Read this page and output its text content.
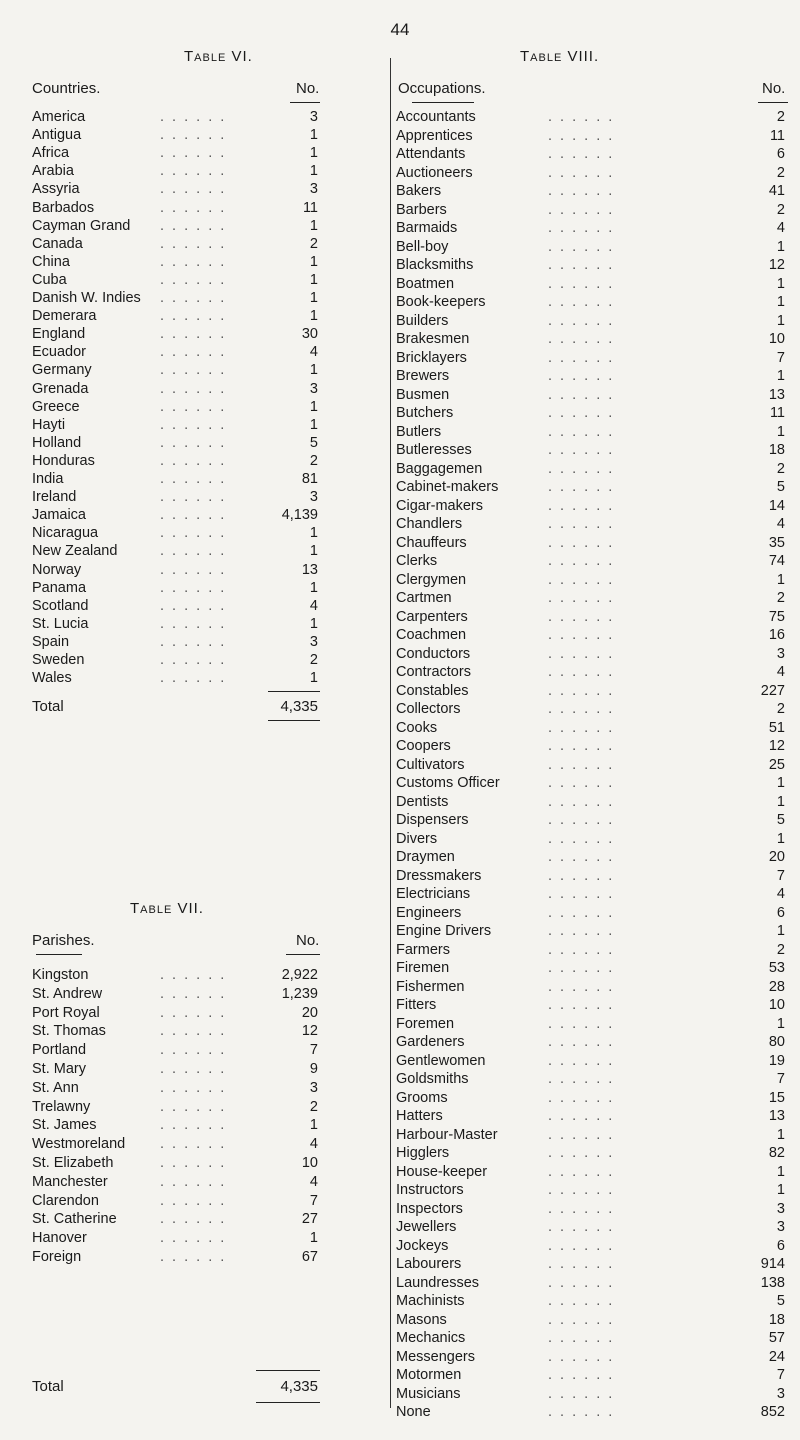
44
Table VI.
Countries.	No.
America	. . . . . .	3
Antigua	. . . . . .	1
Africa	. . . . . .	1
Arabia	. . . . . .	1
Assyria	. . . . . .	3
Barbados	. . . . . .	11
Cayman Grand . . . . . .	1
Canada	. . . . . .	2
China	. . . . . .	1
Cuba	. . . . . .	1
Danish W. Indies . . . . . .	1
Demerara	. . . . . .	1
England	. . . . . .	30
Ecuador	. . . . . .	4
Germany	. . . . . .	1
Grenada	. . . . . .	3
Greece	. . . . . .	1
Hayti	. . . . . .	1
Holland	. . . . . .	5
Honduras	. . . . . .	2
India	. . . . . .	81
Ireland	. . . . . .	3
Jamaica	. . . . . .	4,139
Nicaragua	. . . . . .	1
New Zealand	. . . . . .	1
Norway	. . . . . .	13
Panama	. . . . . .	1
Scotland	. . . . . .	4
St. Lucia	. . . . . .	1
Spain	. . . . . .	3
Sweden	. . . . . .	2
Wales	. . . . . .	1
Total	4,335
Table VII.
Parishes.	No.
Kingston	. . . . . .	2,922
St. Andrew	. . . . . .	1,239
Port Royal	. . . . . .	20
St. Thomas	. . . . . .	12
Portland	. . . . . .	7
St. Mary	. . . . . .	9
St. Ann	. . . . . .	3
Trelawny	. . . . . .	2
St. James	. . . . . .	1
Westmoreland . . . . . .	4
St. Elizabeth	. . . . . .	10
Manchester	. . . . . .	4
Clarendon	. . . . . .	7
St. Catherine	. . . . . .	27
Hanover	. . . . . .	1
Foreign	. . . . . .	67
Total	4,335
Table VIII.
Occupations.	No.
Accountants	. . . . . .	2
Apprentices	. . . . . .	11
Attendants	. . . . . .	6
Auctioneers	. . . . . .	2
Bakers	. . . . . .	41
Barbers	. . . . . .	2
Barmaids	. . . . . .	4
Bell-boy	. . . . . .	1
Blacksmiths	. . . . . .	12
Boatmen	. . . . . .	1
Book-keepers	. . . . . .	1
Builders	. . . . . .	1
Brakesmen	. . . . . .	10
Bricklayers	. . . . . .	7
Brewers	. . . . . .	1
Busmen	. . . . . .	13
Butchers	. . . . . .	11
Butlers	. . . . . .	1
Butleresses	. . . . . .	18
Baggagemen	. . . . . .	2
Cabinet-makers	. . . . . .	5
Cigar-makers	. . . . . .	14
Chandlers	. . . . . .	4
Chauffeurs	. . . . . .	35
Clerks	. . . . . .	74
Clergymen	. . . . . .	1
Cartmen	. . . . . .	2
Carpenters	. . . . . .	75
Coachmen	. . . . . .	16
Conductors	. . . . . .	3
Contractors	. . . . . .	4
Constables	. . . . . .	227
Collectors	. . . . . .	2
Cooks	. . . . . .	51
Coopers	. . . . . .	12
Cultivators	. . . . . .	25
Customs Officer	. . . . . .	1
Dentists	. . . . . .	1
Dispensers	. . . . . .	5
Divers	. . . . . .	1
Draymen	. . . . . .	20
Dressmakers	. . . . . .	7
Electricians	. . . . . .	4
Engineers	. . . . . .	6
Engine Drivers	. . . . . .	1
Farmers	. . . . . .	2
Firemen	. . . . . .	53
Fishermen	. . . . . .	28
Fitters	. . . . . .	10
Foremen	. . . . . .	1
Gardeners	. . . . . .	80
Gentlewomen	. . . . . .	19
Goldsmiths	. . . . . .	7
Grooms	. . . . . .	15
Hatters	. . . . . .	13
Harbour-Master	. . . . . .	1
Higglers	. . . . . .	82
House-keeper	. . . . . .	1
Instructors	. . . . . .	1
Inspectors	. . . . . .	3
Jewellers	. . . . . .	3
Jockeys	. . . . . .	6
Labourers	. . . . . .	914
Laundresses	. . . . . .	138
Machinists	. . . . . .	5
Masons	. . . . . .	18
Mechanics	. . . . . .	57
Messengers	. . . . . .	24
Motormen	. . . . . .	7
Musicians	. . . . . .	3
None	. . . . . .	852
